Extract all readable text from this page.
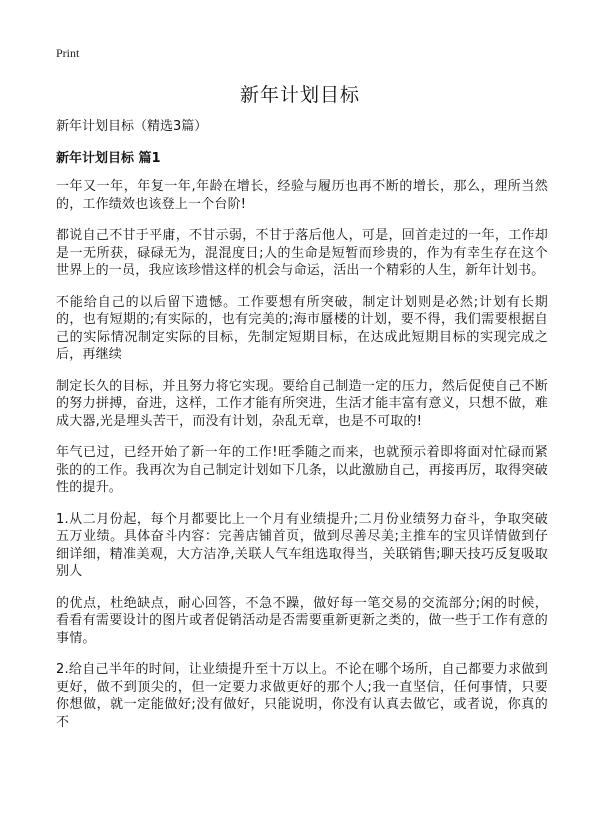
Print
新年计划目标

新年计划目标（精选3篇）

新年计划目标 篇1

一年又一年，年复一年,年龄在增长，经验与履历也再不断的增长，那么，理所当然的，工作绩效也该登上一个台阶!

都说自己不甘于平庸，不甘示弱，不甘于落后他人，可是，回首走过的一年，工作却是一无所获，碌碌无为，混混度日;人的生命是短暂而珍贵的，作为有幸生存在这个世界上的一员，我应该珍惜这样的机会与命运，活出一个精彩的人生，新年计划书。

不能给自己的以后留下遗憾。工作要想有所突破，制定计划则是必然;计划有长期的，也有短期的;有实际的，也有完美的;海市蜃楼的计划，要不得，我们需要根据自己的实际情况制定实际的目标，先制定短期目标，在达成此短期目标的实现完成之后，再继续

制定长久的目标，并且努力将它实现。要给自己制造一定的压力，然后促使自己不断的努力拼搏，奋进，这样，工作才能有所突进，生活才能丰富有意义，只想不做，难成大器,光是埋头苦干，而没有计划，杂乱无章，也是不可取的!

年气已过，已经开始了新一年的工作!旺季随之而来，也就预示着即将面对忙碌而紧张的的工作。我再次为自己制定计划如下几条，以此激励自己，再接再厉，取得突破性的提升。

1.从二月份起，每个月都要比上一个月有业绩提升;二月份业绩努力奋斗，争取突破五万业绩。具体奋斗内容：完善店铺首页，做到尽善尽美;主推车的宝贝详情做到仔细详细，精准美观，大方洁净,关联人气车组选取得当，关联销售;聊天技巧反复吸取别人

的优点，杜绝缺点，耐心回答，不急不躁，做好每一笔交易的交流部分;闲的时候，看看有需要设计的图片或者促销活动是否需要重新更新之类的，做一些于工作有意的事情。

2.给自己半年的时间，让业绩提升至十万以上。不论在哪个场所，自己都要力求做到更好，做不到顶尖的，但一定要力求做更好的那个人;我一直坚信，任何事情，只要你想做，就一定能做好;没有做好，只能说明，你没有认真去做它，或者说，你真的不
